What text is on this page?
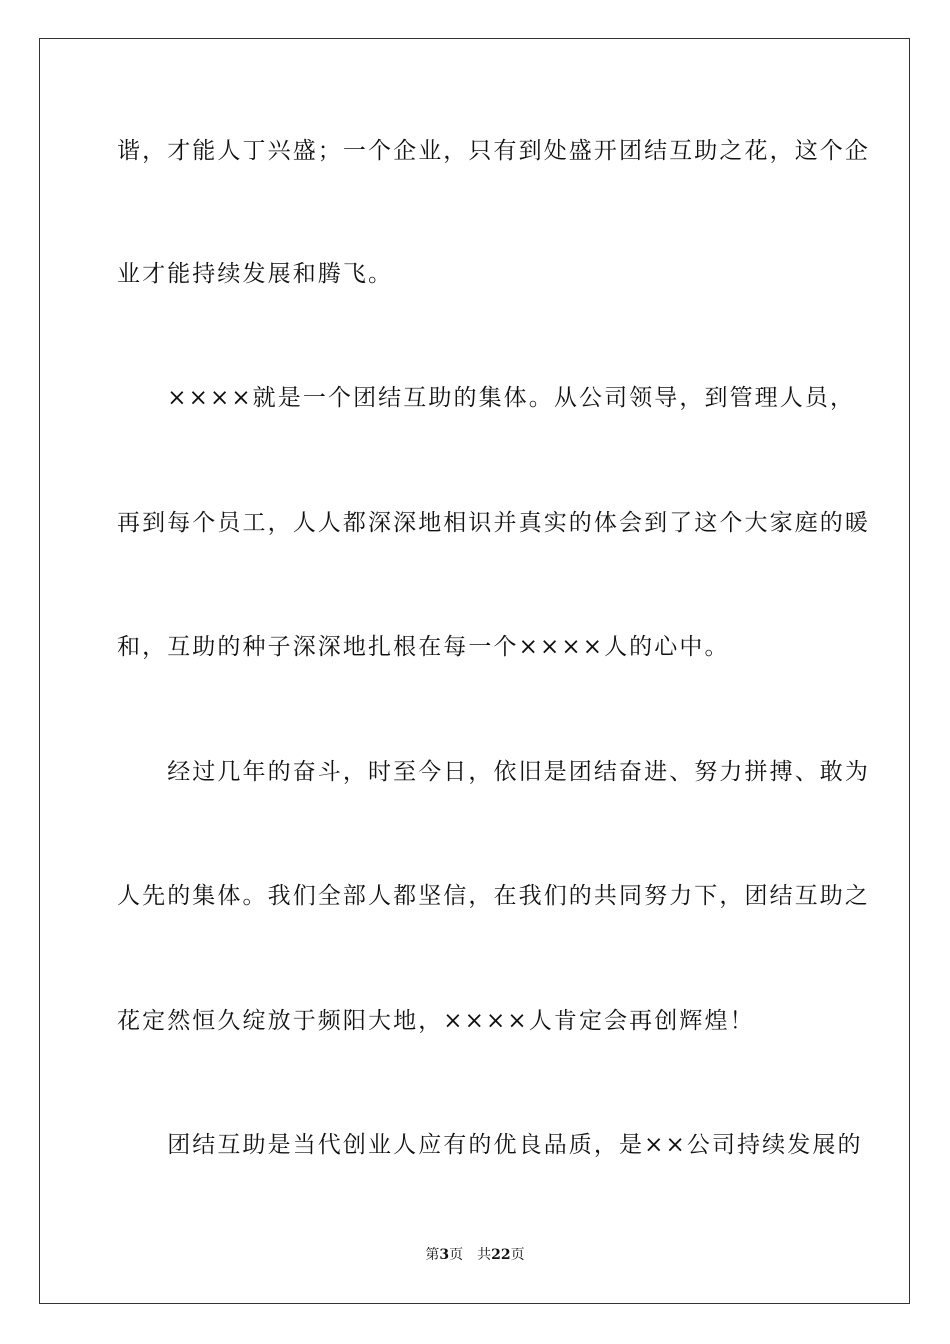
谐，才能人丁兴盛；一个企业，只有到处盛开团结互助之花，这个企
业才能持续发展和腾飞。
　　××××就是一个团结互助的集体。从公司领导，到管理人员，
再到每个员工，人人都深深地相识并真实的体会到了这个大家庭的暖
和，互助的种子深深地扎根在每一个××××人的心中。
　　经过几年的奋斗，时至今日，依旧是团结奋进、努力拼搏、敢为
人先的集体。我们全部人都坚信，在我们的共同努力下，团结互助之
花定然恒久绽放于频阳大地，××××人肯定会再创辉煌！
　　团结互助是当代创业人应有的优良品质，是××公司持续发展的
第3页 共22页
